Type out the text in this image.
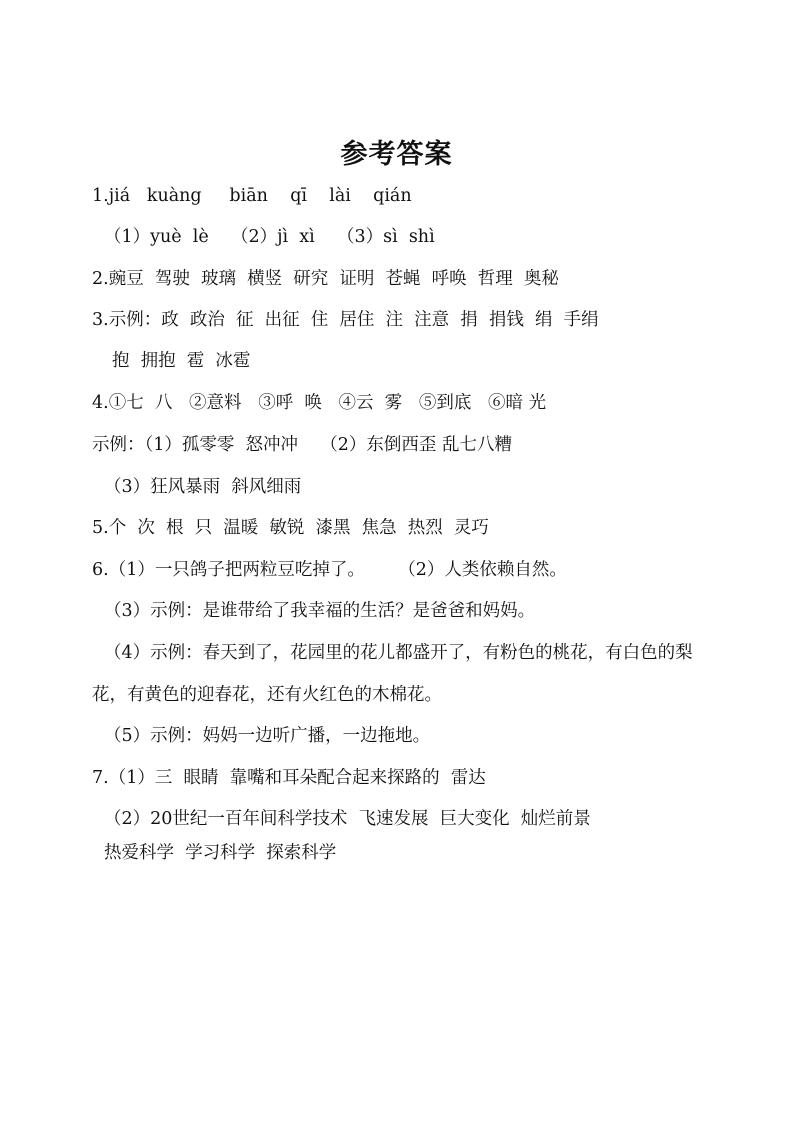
参考答案

1.jiá   kuàng     biān    qī    lài    qián

（1）yuè  lè    （2）jì  xì    （3）sì  shì

2.豌豆  驾驶  玻璃  横竖  研究  证明  苍蝇  呼唤  哲理  奥秘

3.示例：政  政治  征  出征  住  居住  注  注意  捐  捐钱  绢  手绢

抱  拥抱  雹  冰雹

4.①七  八   ②意料   ③呼  唤   ④云  雾   ⑤到底   ⑥暗 光

示例：（1）孤零零  怒冲冲    （2）东倒西歪 乱七八糟

（3）狂风暴雨  斜风细雨

5.个  次  根  只  温暖  敏锐  漆黑  焦急  热烈  灵巧

6.（1）一只鸽子把两粒豆吃掉了。      （2）人类依赖自然。

（3）示例：是谁带给了我幸福的生活？是爸爸和妈妈。

（4）示例：春天到了，花园里的花儿都盛开了，有粉色的桃花，有白色的梨

花，有黄色的迎春花，还有火红色的木棉花。

（5）示例：妈妈一边听广播，一边拖地。

7.（1）三  眼睛  靠嘴和耳朵配合起来探路的  雷达

（2）20世纪一百年间科学技术  飞速发展  巨大变化  灿烂前景

热爱科学  学习科学  探索科学
